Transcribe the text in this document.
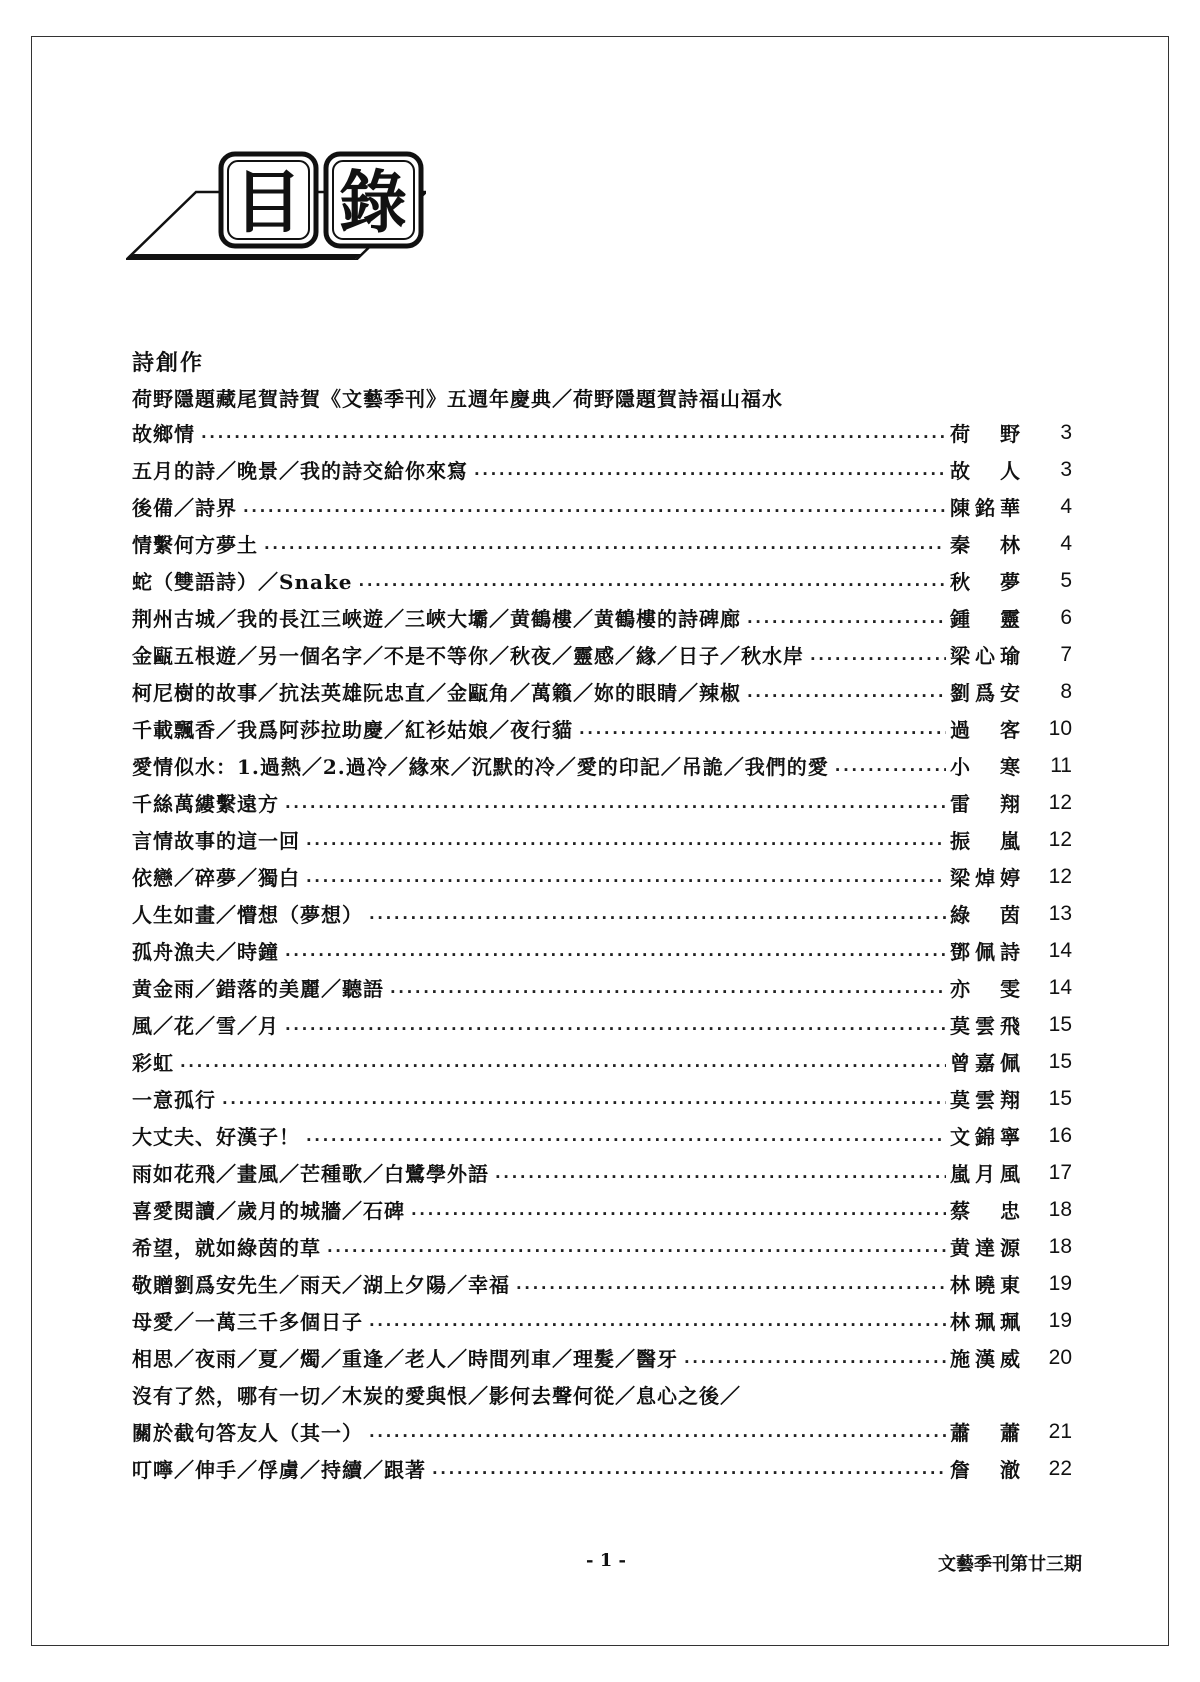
目 錄
詩創作
荷野隱題藏尾賀詩賀《文藝季刊》五週年慶典／荷野隱題賀詩福山福水
故鄉情 .....	荷　野	3
五月的詩／晚景／我的詩交給你來寫 .....	故　人	3
後備／詩界 .....	陳銘華	4
情繫何方夢土 .....	秦　林	4
蛇（雙語詩）／Snake .....	秋　夢	5
荆州古城／我的長江三峽遊／三峽大壩／黄鶴樓／黄鶴樓的詩碑廊 .....	鍾　靈	6
金甌五根遊／另一個名字／不是不等你／秋夜／靈感／緣／日子／秋水岸 .....	梁心瑜	7
柯尼樹的故事／抗法英雄阮忠直／金甌角／萬籟／妳的眼睛／辣椒 .....	劉爲安	8
千載飄香／我爲阿莎拉助慶／紅衫姑娘／夜行貓 .....	過　客	10
愛情似水：1.過熱／2.過冷／緣來／沉默的冷／愛的印記／吊詭／我們的愛 .....	小　寒	11
千絲萬縷繫遠方 .....	雷　翔	12
言情故事的這一回 .....	振　嵐	12
依戀／碎夢／獨白 .....	梁焯婷	12
人生如畫／懵想（夢想） .....	綠　茵	13
孤舟漁夫／時鐘 .....	鄧佩詩	14
黄金雨／錯落的美麗／聽語 .....	亦　雯	14
風／花／雪／月 .....	莫雲飛	15
彩虹 .....	曾嘉佩	15
一意孤行 .....	莫雲翔	15
大丈夫、好漢子！ .....	文錦寧	16
雨如花飛／畫風／芒種歌／白鷺學外語 .....	嵐月風	17
喜愛閱讀／歲月的城牆／石碑 .....	蔡　忠	18
希望，就如綠茵的草 .....	黄達源	18
敬贈劉爲安先生／雨天／湖上夕陽／幸福 .....	林曉東	19
母愛／一萬三千多個日子 .....	林珮珮	19
相思／夜雨／夏／燭／重逢／老人／時間列車／理髮／醫牙 .....	施漢威	20
沒有了然，哪有一切／木炭的愛與恨／影何去聲何從／息心之後／
關於截句答友人（其一） .....	蕭　蕭	21
叮嚀／伸手／俘虜／持續／跟著 .....	詹　澈	22
- 1 -	文藝季刊第廿三期
